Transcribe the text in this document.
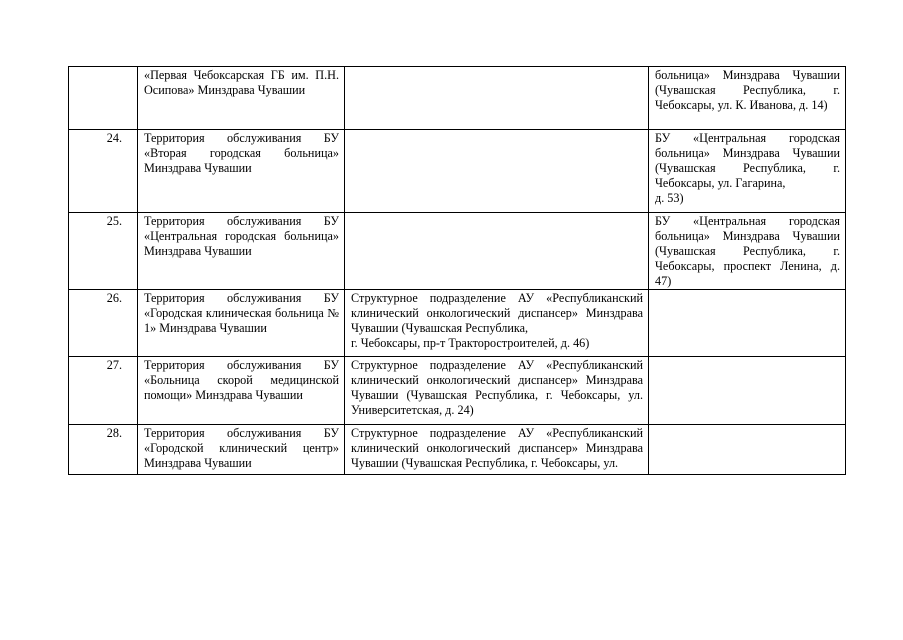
	«Первая Чебоксарская ГБ им. П.Н. Осипова» Минздрава Чувашии		больница» Минздрава Чувашии (Чувашская Республика, г. Чебоксары, ул. К. Иванова, д. 14)
24.	Территория обслуживания БУ «Вторая городская больница» Минздрава Чувашии		БУ «Центральная городская больница» Минздрава Чувашии (Чувашская Республика, г. Чебоксары, ул. Гагарина,
д. 53)

25.	Территория обслуживания БУ «Центральная городская больница» Минздрава Чувашии		БУ «Центральная городская больница» Минздрава Чувашии (Чувашская Республика, г. Чебоксары, проспект Ленина, д. 47)
26.	Территория обслуживания БУ «Городская клиническая больница № 1» Минздрава Чувашии	Структурное подразделение АУ «Республиканский клинический онкологический диспансер» Минздрава Чувашии (Чувашская Республика,
г. Чебоксары, пр-т Тракторостроителей, д. 46)	

27.	Территория обслуживания БУ «Больница скорой медицинской помощи» Минздрава Чувашии	Структурное подразделение АУ «Республиканский клинический онкологический диспансер» Минздрава Чувашии (Чувашская Республика, г. Чебоксары, ул. Университетская, д. 24)	
28.	Территория обслуживания БУ «Городской клинический центр» Минздрава Чувашии	Структурное подразделение АУ «Республиканский клинический онкологический диспансер» Минздрава Чувашии (Чувашская Республика, г. Чебоксары, ул.	
